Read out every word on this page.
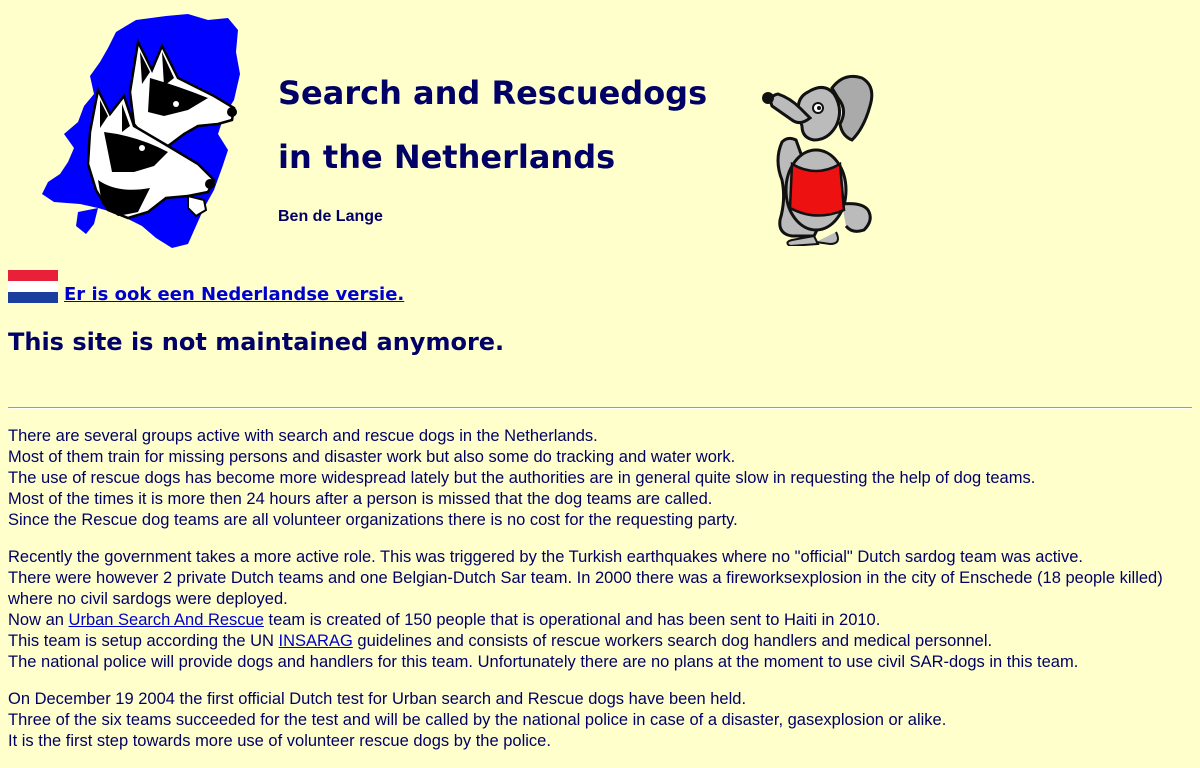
Search and Rescuedogs
in the Netherlands
Ben de Lange
Er is ook een Nederlandse versie.
This site is not maintained anymore.

There are several groups active with search and rescue dogs in the Netherlands.
Most of them train for missing persons and disaster work but also some do tracking and water work.
The use of rescue dogs has become more widespread lately but the authorities are in general quite slow in requesting the help of dog teams.
Most of the times it is more then 24 hours after a person is missed that the dog teams are called.
Since the Rescue dog teams are all volunteer organizations there is no cost for the requesting party.

Recently the government takes a more active role. This was triggered by the Turkish earthquakes where no "official" Dutch sardog team was active.
There were however 2 private Dutch teams and one Belgian-Dutch Sar team. In 2000 there was a fireworksexplosion in the city of Enschede (18 people killed) where no civil sardogs were deployed.
Now an Urban Search And Rescue team is created of 150 people that is operational and has been sent to Haiti in 2010.
This team is setup according the UN INSARAG guidelines and consists of rescue workers search dog handlers and medical personnel.
The national police will provide dogs and handlers for this team. Unfortunately there are no plans at the moment to use civil SAR-dogs in this team.

On December 19 2004 the first official Dutch test for Urban search and Rescue dogs have been held.
Three of the six teams succeeded for the test and will be called by the national police in case of a disaster, gasexplosion or alike.
It is the first step towards more use of volunteer rescue dogs by the police.
